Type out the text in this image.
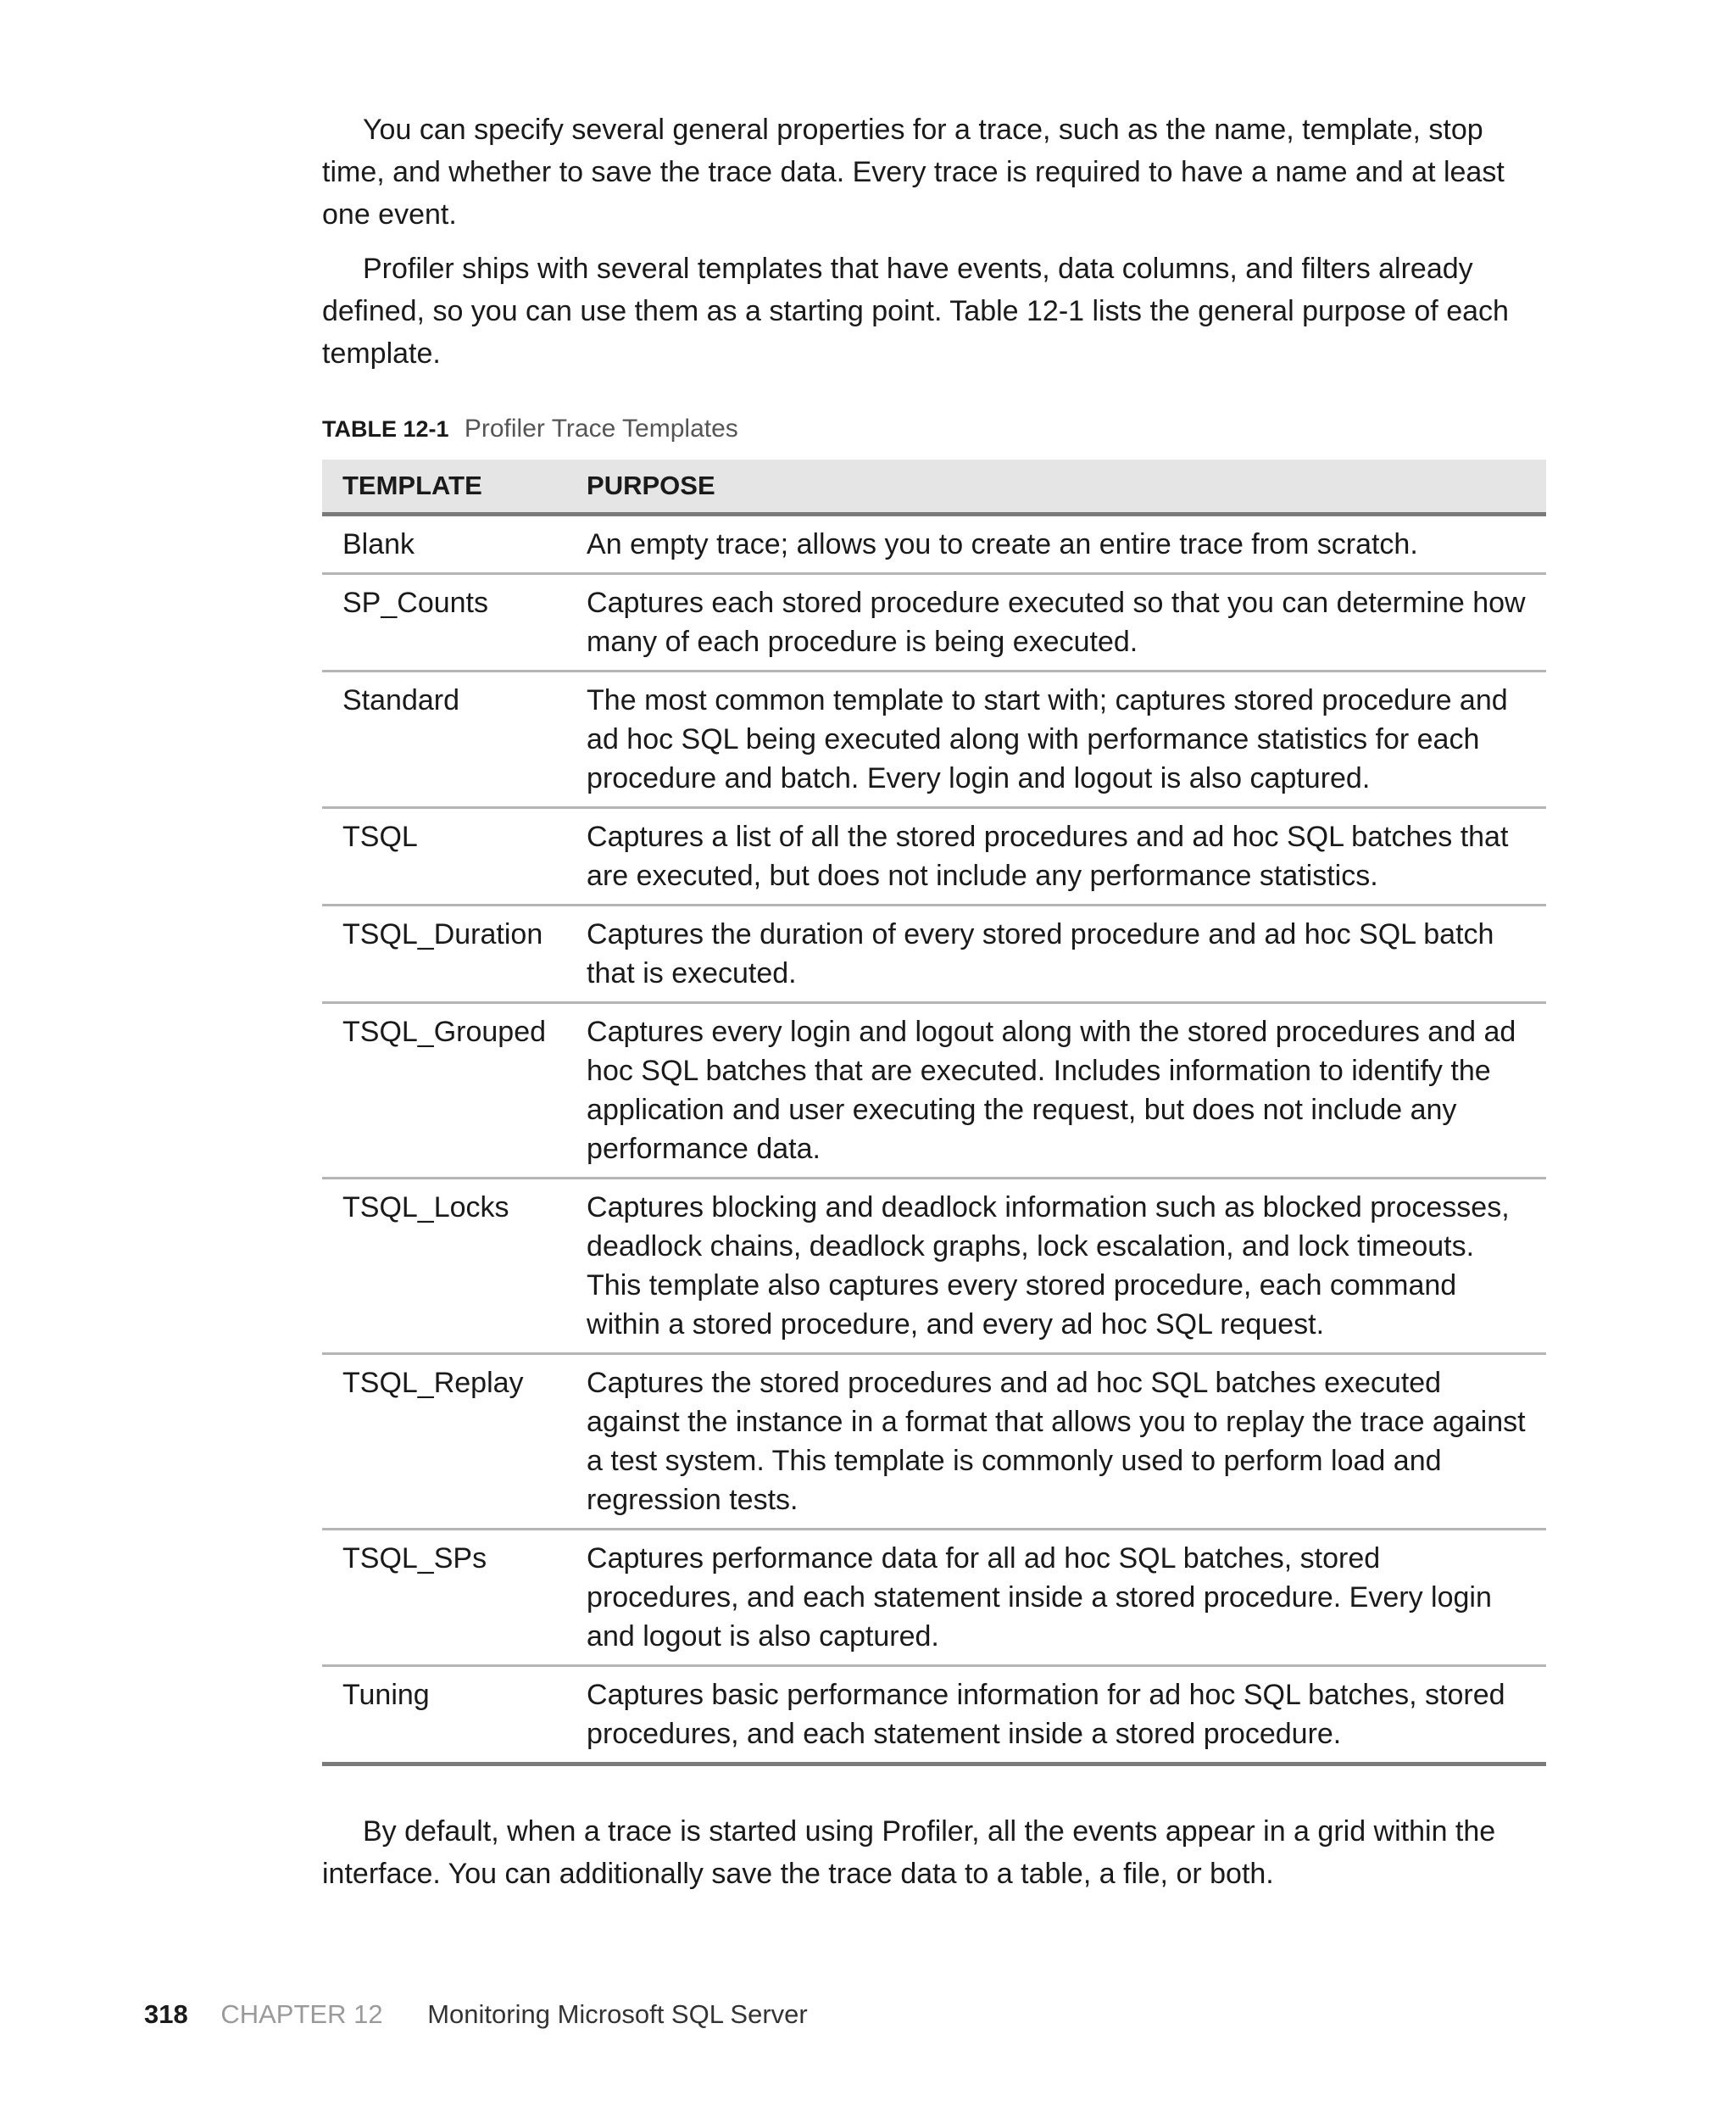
You can specify several general properties for a trace, such as the name, template, stop time, and whether to save the trace data. Every trace is required to have a name and at least one event.

Profiler ships with several templates that have events, data columns, and filters already defined, so you can use them as a starting point. Table 12-1 lists the general purpose of each template.

TABLE 12-1 Profiler Trace Templates
TEMPLATE	PURPOSE
Blank	An empty trace; allows you to create an entire trace from scratch.
SP_Counts	Captures each stored procedure executed so that you can determine how many of each procedure is being executed.
Standard	The most common template to start with; captures stored procedure and ad hoc SQL being executed along with performance statistics for each procedure and batch. Every login and logout is also captured.
TSQL	Captures a list of all the stored procedures and ad hoc SQL batches that are executed, but does not include any performance statistics.
TSQL_Duration	Captures the duration of every stored procedure and ad hoc SQL batch that is executed.
TSQL_Grouped	Captures every login and logout along with the stored procedures and ad hoc SQL batches that are executed. Includes information to identify the application and user executing the request, but does not include any performance data.
TSQL_Locks	Captures blocking and deadlock information such as blocked processes, deadlock chains, deadlock graphs, lock escalation, and lock timeouts. This template also captures every stored procedure, each command within a stored procedure, and every ad hoc SQL request.
TSQL_Replay	Captures the stored procedures and ad hoc SQL batches executed against the instance in a format that allows you to replay the trace against a test system. This template is commonly used to perform load and regression tests.
TSQL_SPs	Captures performance data for all ad hoc SQL batches, stored procedures, and each statement inside a stored procedure. Every login and logout is also captured.
Tuning	Captures basic performance information for ad hoc SQL batches, stored procedures, and each statement inside a stored procedure.

By default, when a trace is started using Profiler, all the events appear in a grid within the interface. You can additionally save the trace data to a table, a file, or both.

318 CHAPTER 12 Monitoring Microsoft SQL Server
